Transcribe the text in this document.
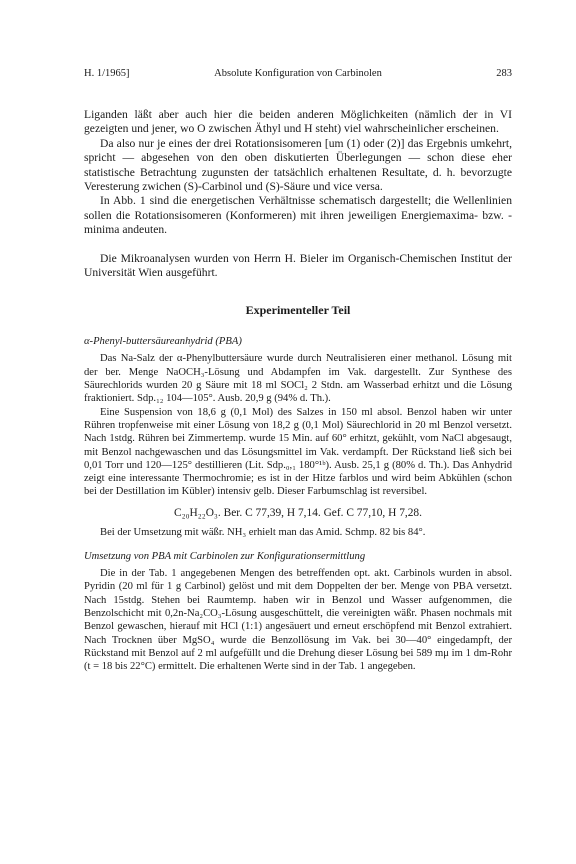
H. 1/1965]	Absolute Konfiguration von Carbinolen	283

Liganden läßt aber auch hier die beiden anderen Möglichkeiten (nämlich der in VI gezeigten und jener, wo O zwischen Äthyl und H steht) viel wahrscheinlicher erscheinen.

Da also nur je eines der drei Rotationsisomeren [um (1) oder (2)] das Ergebnis umkehrt, spricht — abgesehen von den oben diskutierten Überlegungen — schon diese eher statistische Betrachtung zugunsten der tatsächlich erhaltenen Resultate, d. h. bevorzugte Veresterung zwichen (S)-Carbinol und (S)-Säure und vice versa.

In Abb. 1 sind die energetischen Verhältnisse schematisch dargestellt; die Wellenlinien sollen die Rotationsisomeren (Konformeren) mit ihren jeweiligen Energiemaxima- bzw. -minima andeuten.

Die Mikroanalysen wurden von Herrn H. Bieler im Organisch-Chemischen Institut der Universität Wien ausgeführt.

Experimenteller Teil

α-Phenyl-buttersäureanhydrid (PBA)

Das Na-Salz der α-Phenylbuttersäure wurde durch Neutralisieren einer methanol. Lösung mit der ber. Menge NaOCH₃-Lösung und Abdampfen im Vak. dargestellt. Zur Synthese des Säurechlorids wurden 20 g Säure mit 18 ml SOCl₂ 2 Stdn. am Wasserbad erhitzt und die Lösung fraktioniert. Sdp.₁₂ 104—105°. Ausb. 20,9 g (94% d. Th.).

Eine Suspension von 18,6 g (0,1 Mol) des Salzes in 150 ml absol. Benzol haben wir unter Rühren tropfenweise mit einer Lösung von 18,2 g (0,1 Mol) Säurechlorid in 20 ml Benzol versetzt. Nach 1stdg. Rühren bei Zimmertemp. wurde 15 Min. auf 60° erhitzt, gekühlt, vom NaCl abgesaugt, mit Benzol nachgewaschen und das Lösungsmittel im Vak. verdampft. Der Rückstand ließ sich bei 0,01 Torr und 120—125° destillieren (Lit. Sdp.₀,₁ 180°¹ᵇ). Ausb. 25,1 g (80% d. Th.). Das Anhydrid zeigt eine interessante Thermochromie; es ist in der Hitze farblos und wird beim Abkühlen (schon bei der Destillation im Kübler) intensiv gelb. Dieser Farbumschlag ist reversibel.

C₂₀H₂₂O₃. Ber. C 77,39, H 7,14. Gef. C 77,10, H 7,28.

Bei der Umsetzung mit wäßr. NH₃ erhielt man das Amid. Schmp. 82 bis 84°.

Umsetzung von PBA mit Carbinolen zur Konfigurationsermittlung

Die in der Tab. 1 angegebenen Mengen des betreffenden opt. akt. Carbinols wurden in absol. Pyridin (20 ml für 1 g Carbinol) gelöst und mit dem Doppelten der ber. Menge von PBA versetzt. Nach 15stdg. Stehen bei Raumtemp. haben wir in Benzol und Wasser aufgenommen, die Benzolschicht mit 0,2n-Na₂CO₃-Lösung ausgeschüttelt, die vereinigten wäßr. Phasen nochmals mit Benzol gewaschen, hierauf mit HCl (1:1) angesäuert und erneut erschöpfend mit Benzol extrahiert. Nach Trocknen über MgSO₄ wurde die Benzollösung im Vak. bei 30—40° eingedampft, der Rückstand mit Benzol auf 2 ml aufgefüllt und die Drehung dieser Lösung bei 589 mμ im 1 dm-Rohr (t = 18 bis 22°C) ermittelt. Die erhaltenen Werte sind in der Tab. 1 angegeben.
